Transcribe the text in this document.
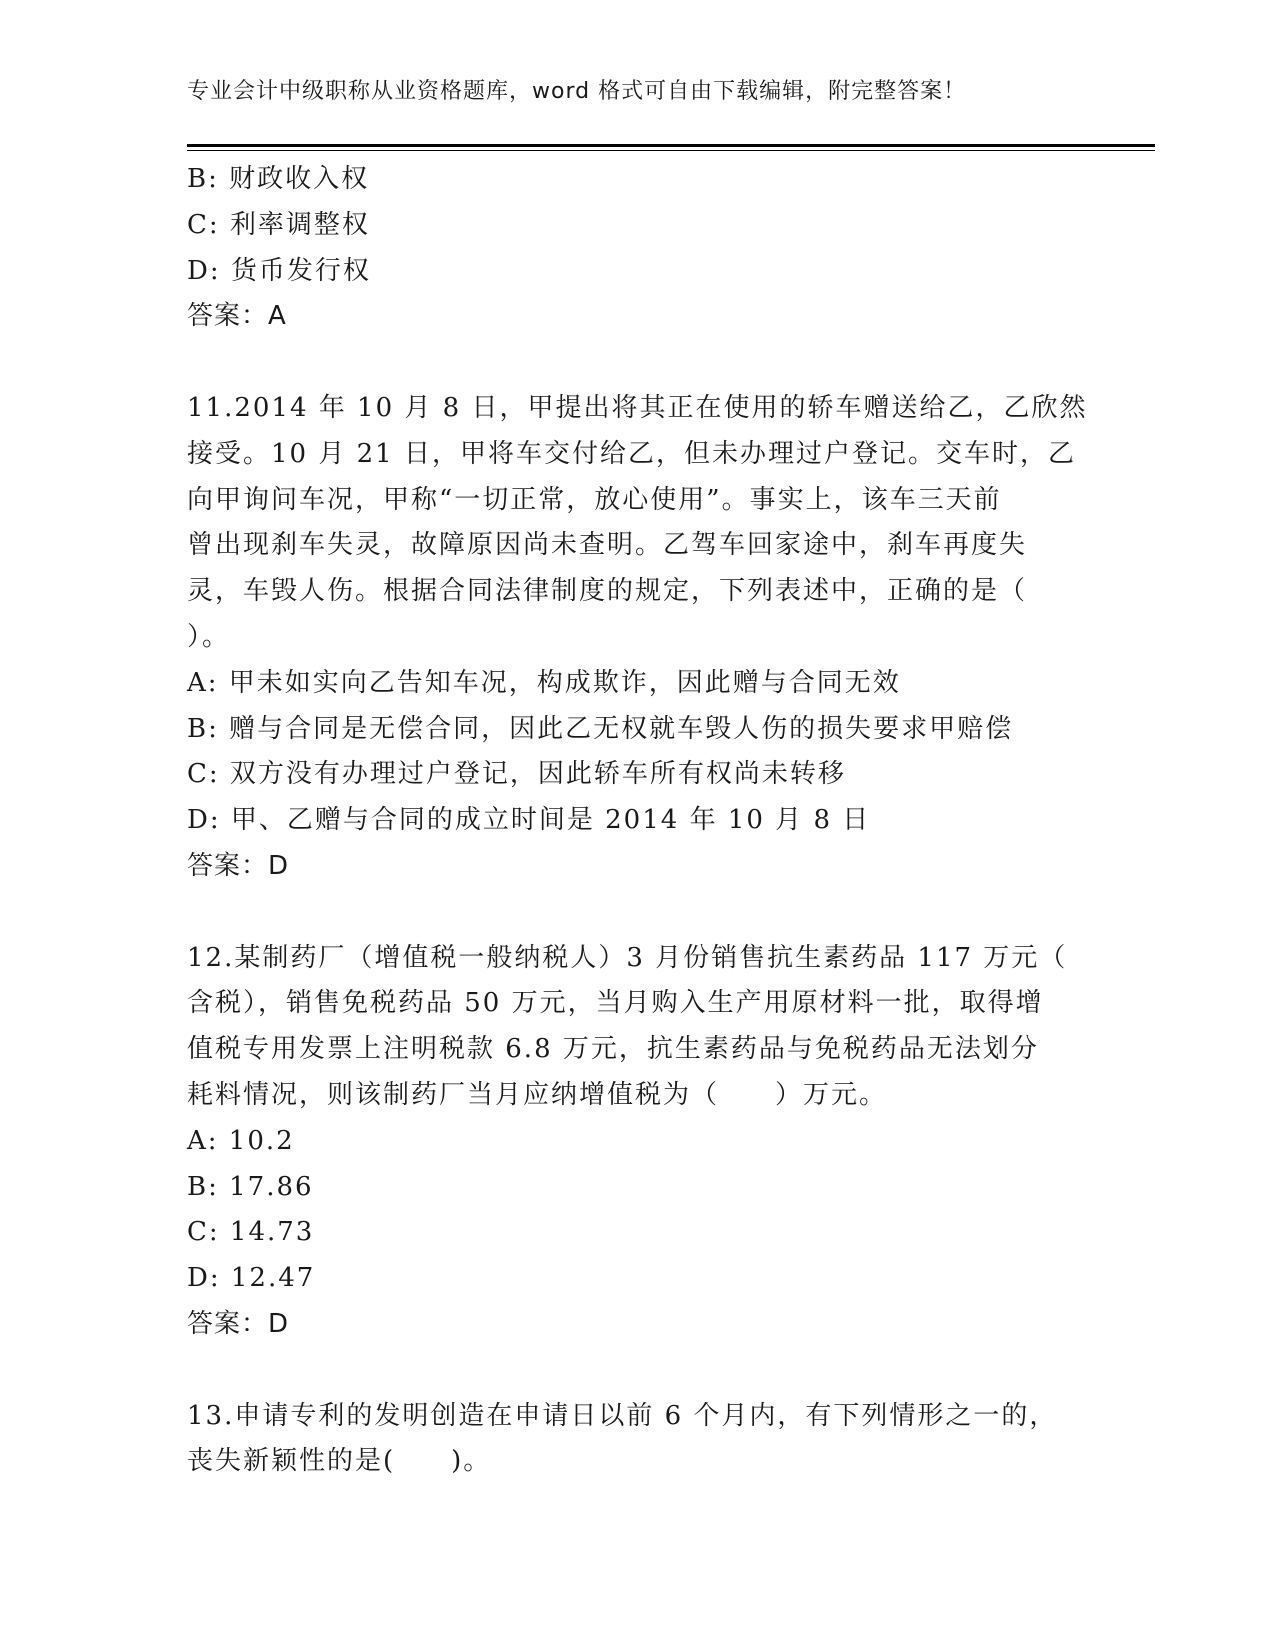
专业会计中级职称从业资格题库，word 格式可自由下载编辑，附完整答案！
B: 财政收入权
C: 利率调整权
D: 货币发行权
答案：A
11.2014 年 10 月 8 日，甲提出将其正在使用的轿车赠送给乙，乙欣然
接受。10 月 21 日，甲将车交付给乙，但未办理过户登记。交车时，乙
向甲询问车况，甲称“一切正常，放心使用”。事实上，该车三天前
曾出现刹车失灵，故障原因尚未查明。乙驾车回家途中，刹车再度失
灵，车毁人伤。根据合同法律制度的规定，下列表述中，正确的是（
）。
A: 甲未如实向乙告知车况，构成欺诈，因此赠与合同无效
B: 赠与合同是无偿合同，因此乙无权就车毁人伤的损失要求甲赔偿
C: 双方没有办理过户登记，因此轿车所有权尚未转移
D: 甲、乙赠与合同的成立时间是 2014 年 10 月 8 日
答案：D
12.某制药厂（增值税一般纳税人）3 月份销售抗生素药品 117 万元（
含税），销售免税药品 50 万元，当月购入生产用原材料一批，取得增
值税专用发票上注明税款 6.8 万元，抗生素药品与免税药品无法划分
耗料情况，则该制药厂当月应纳增值税为（　　）万元。
A: 10.2
B: 17.86
C: 14.73
D: 12.47
答案：D
13.申请专利的发明创造在申请日以前 6 个月内，有下列情形之一的，
丧失新颖性的是(　　)。
